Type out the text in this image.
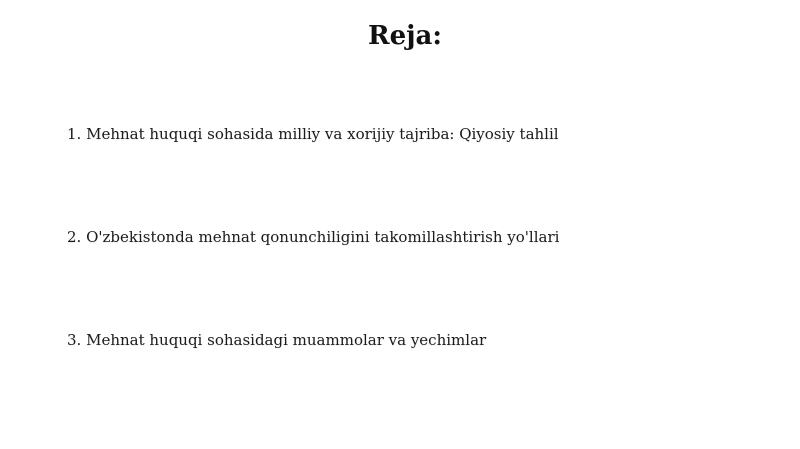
Reja:
1. Mehnat huquqi sohasida milliy va xorijiy tajriba: Qiyosiy tahlil
2. O'zbekistonda mehnat qonunchiligini takomillashtirish yo'llari
3. Mehnat huquqi sohasidagi muammolar va yechimlar
